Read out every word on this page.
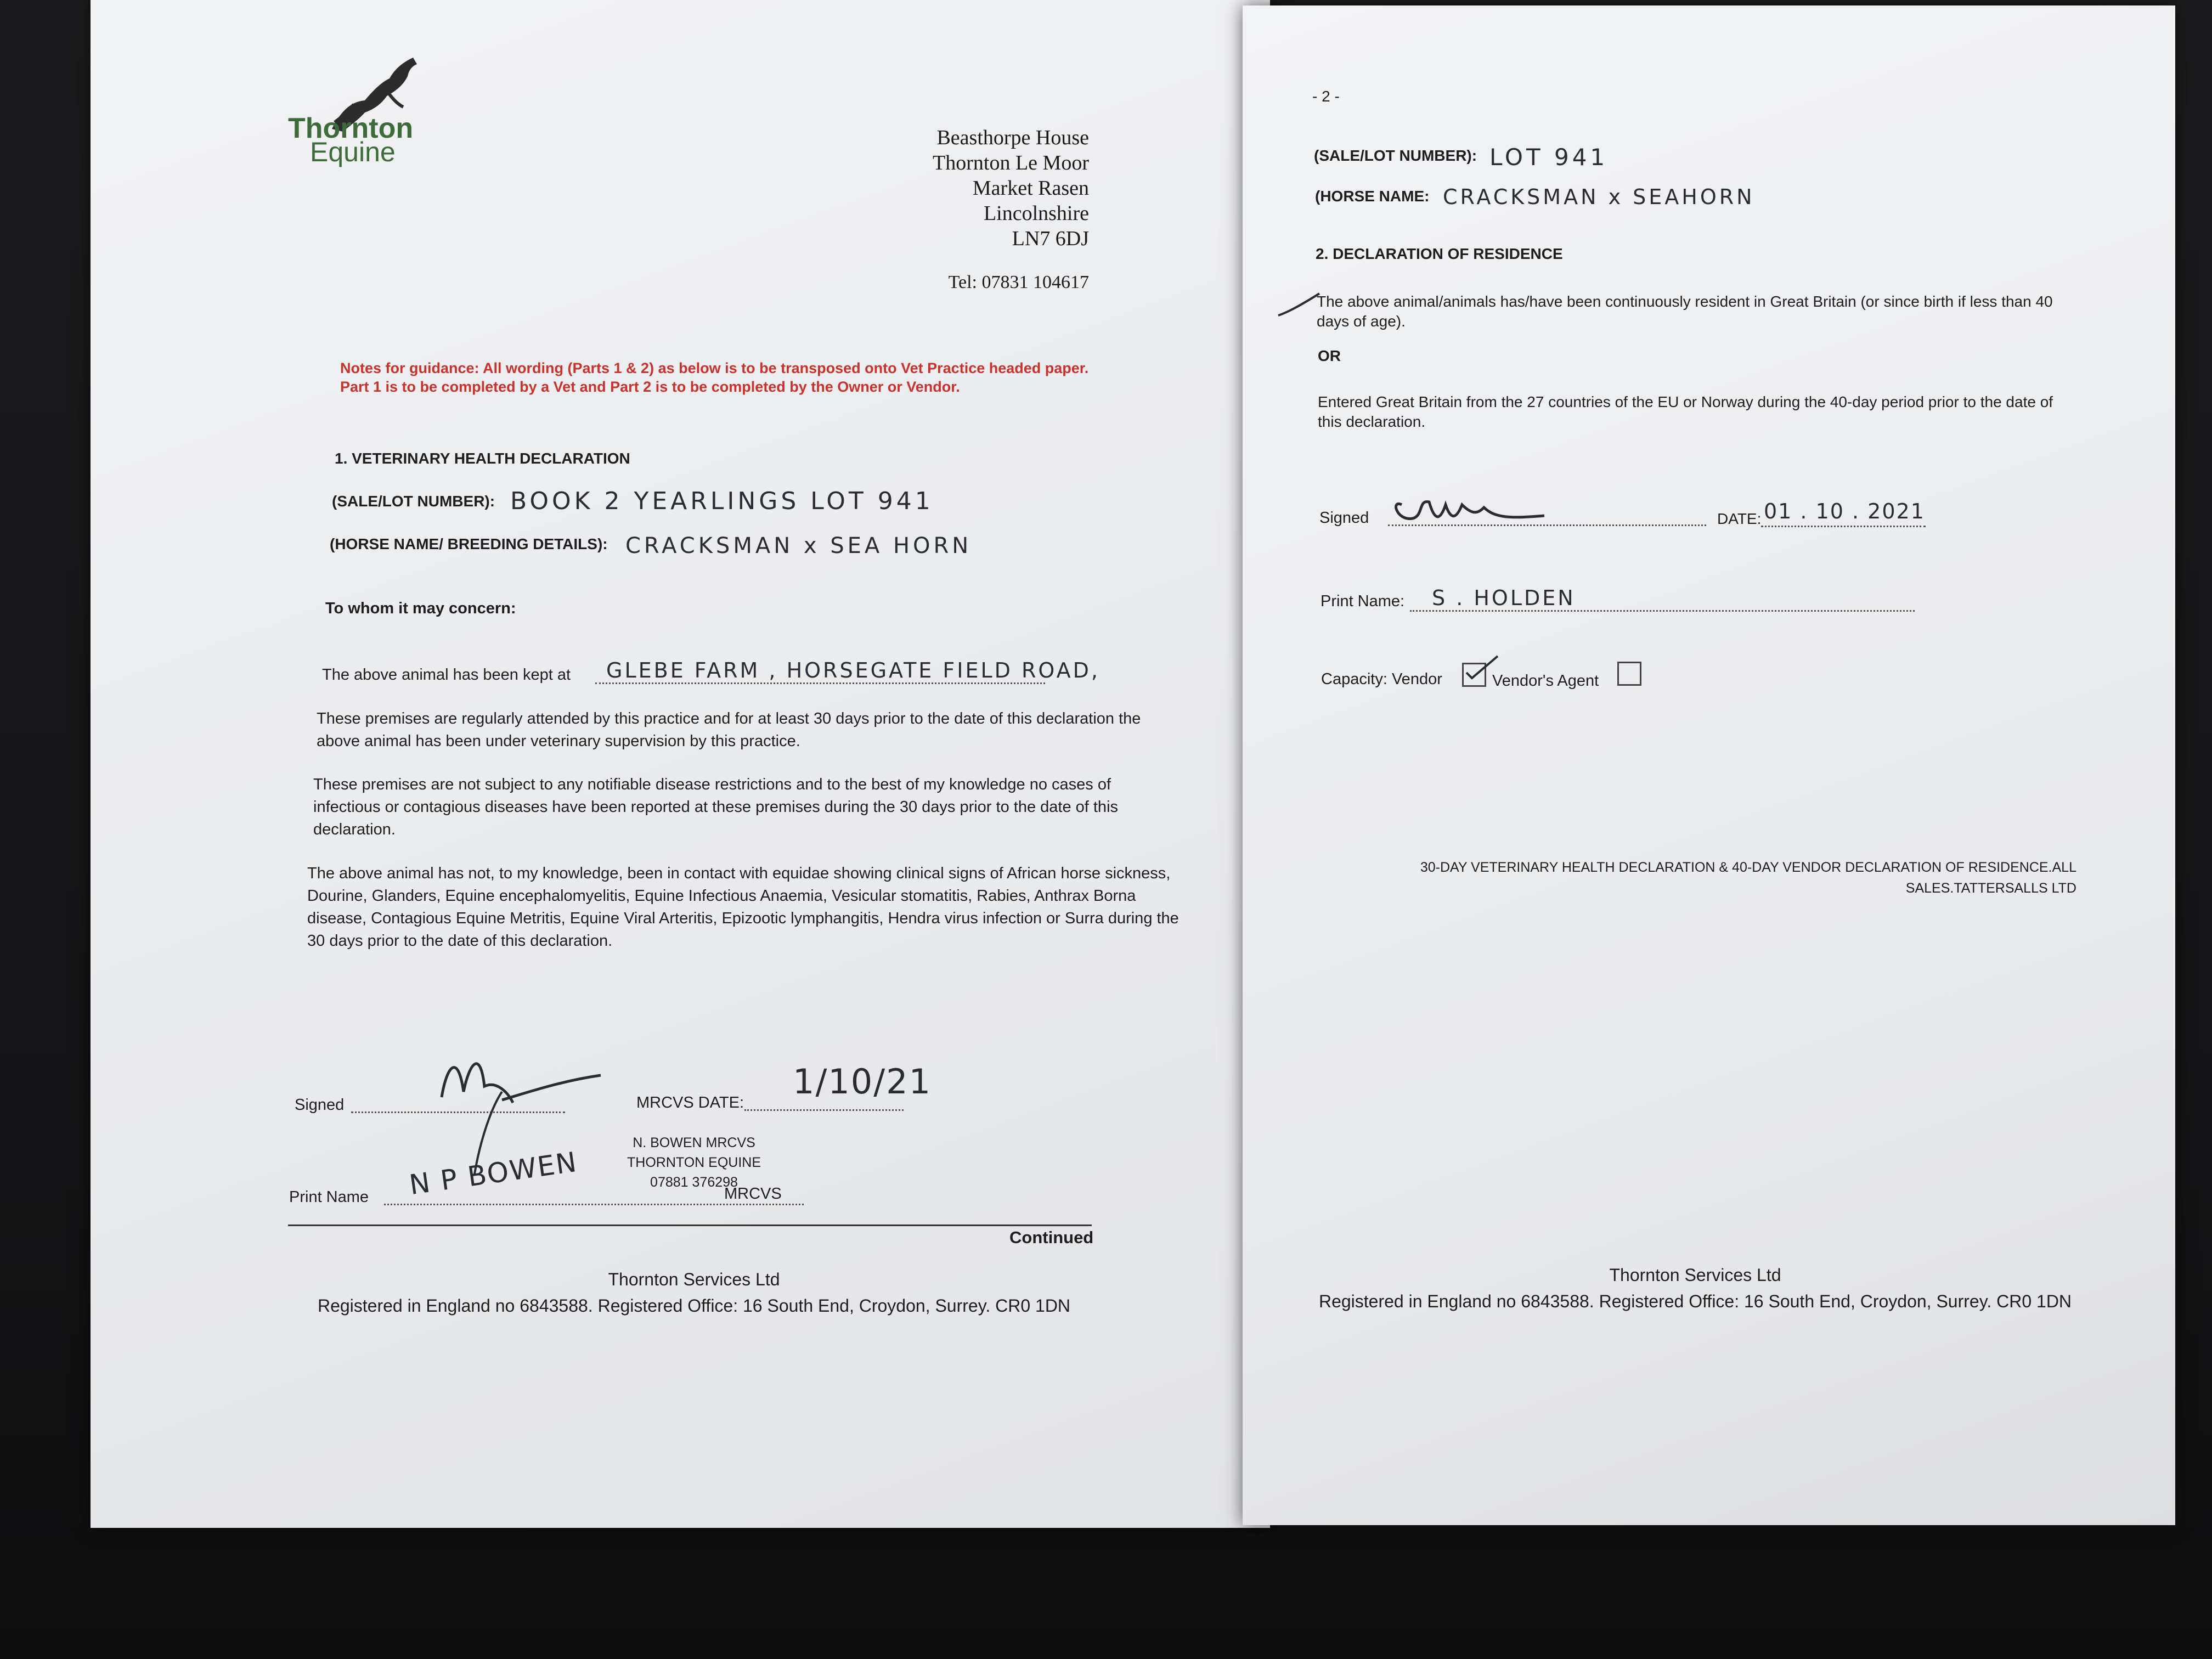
Thornton
Equine	Beasthorpe House
Thornton Le Moor
Market Rasen
Lincolnshire
LN7 6DJ
Tel: 07831 104617
Notes for guidance: All wording (Parts 1 & 2) as below is to be transposed onto Vet Practice headed paper. Part 1 is to be completed by a Vet and Part 2 is to be completed by the Owner or Vendor.
1. VETERINARY HEALTH DECLARATION
(SALE/LOT NUMBER): BOOK 2 YEARLINGS LOT 941
(HORSE NAME/ BREEDING DETAILS): CRACKSMAN x SEA HORN
To whom it may concern:
The above animal has been kept at GLEBE FARM , HORSEGATE FIELD ROAD,
These premises are regularly attended by this practice and for at least 30 days prior to the date of this declaration the above animal has been under veterinary supervision by this practice.
These premises are not subject to any notifiable disease restrictions and to the best of my knowledge no cases of infectious or contagious diseases have been reported at these premises during the 30 days prior to the date of this declaration.
The above animal has not, to my knowledge, been in contact with equidae showing clinical signs of African horse sickness, Dourine, Glanders, Equine encephalomyelitis, Equine Infectious Anaemia, Vesicular stomatitis, Rabies, Anthrax Borna disease, Contagious Equine Metritis, Equine Viral Arteritis, Epizootic lymphangitis, Hendra virus infection or Surra during the 30 days prior to the date of this declaration.
Signed	MRCVS DATE:
1/10/21
N. BOWEN MRCVS
THORNTON EQUINE
07881 376298
Print Name N P BOWEN	MRCVS
Continued
Thornton Services Ltd
Registered in England no 6843588. Registered Office: 16 South End, Croydon, Surrey. CR0 1DN
- 2 -
(SALE/LOT NUMBER): LOT 941
(HORSE NAME: CRACKSMAN x SEAHORN
2. DECLARATION OF RESIDENCE
The above animal/animals has/have been continuously resident in Great Britain (or since birth if less than 40 days of age).
OR
Entered Great Britain from the 27 countries of the EU or Norway during the 40-day period prior to the date of this declaration.
Signed	DATE: 01 . 10 . 2021
Print Name: S . HOLDEN
Capacity: Vendor	Vendor's Agent
30-DAY VETERINARY HEALTH DECLARATION & 40-DAY VENDOR DECLARATION OF RESIDENCE.ALL
SALES.TATTERSALLS LTD
Thornton Services Ltd
Registered in England no 6843588. Registered Office: 16 South End, Croydon, Surrey. CR0 1DN
